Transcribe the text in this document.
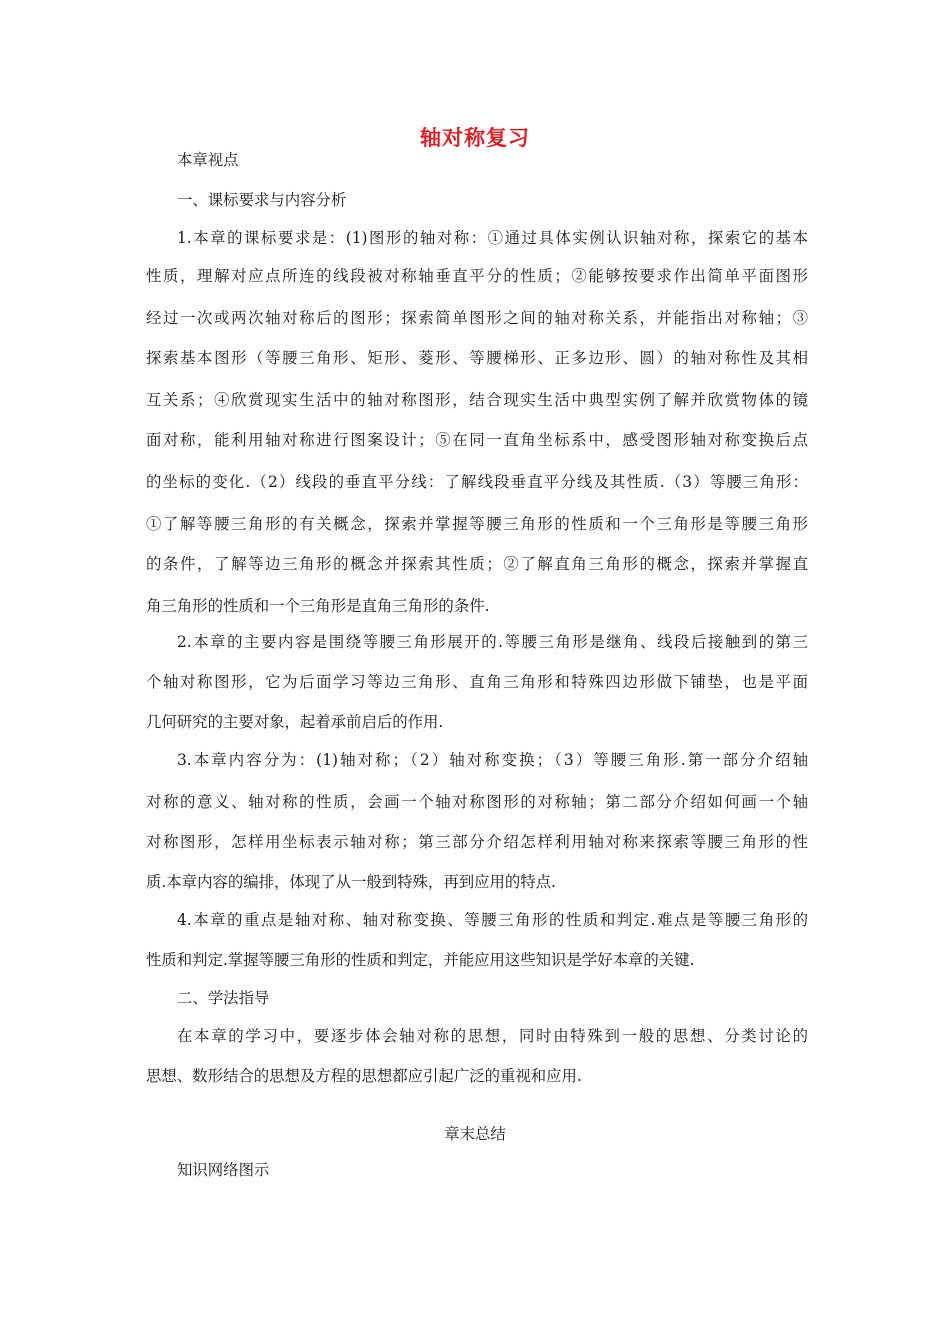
轴对称复习
本章视点
一、课标要求与内容分析
1.本章的课标要求是：(1)图形的轴对称：①通过具体实例认识轴对称，探索它的基本
性质，理解对应点所连的线段被对称轴垂直平分的性质；②能够按要求作出简单平面图形
经过一次或两次轴对称后的图形；探索简单图形之间的轴对称关系，并能指出对称轴；③
探索基本图形（等腰三角形、矩形、菱形、等腰梯形、正多边形、圆）的轴对称性及其相
互关系；④欣赏现实生活中的轴对称图形，结合现实生活中典型实例了解并欣赏物体的镜
面对称，能利用轴对称进行图案设计；⑤在同一直角坐标系中，感受图形轴对称变换后点
的坐标的变化.（2）线段的垂直平分线：了解线段垂直平分线及其性质.（3）等腰三角形：
①了解等腰三角形的有关概念，探索并掌握等腰三角形的性质和一个三角形是等腰三角形
的条件，了解等边三角形的概念并探索其性质；②了解直角三角形的概念，探索并掌握直
角三角形的性质和一个三角形是直角三角形的条件.
2.本章的主要内容是围绕等腰三角形展开的.等腰三角形是继角、线段后接触到的第三
个轴对称图形，它为后面学习等边三角形、直角三角形和特殊四边形做下铺垫，也是平面
几何研究的主要对象，起着承前启后的作用.
3.本章内容分为：(1)轴对称；（2）轴对称变换；（3）等腰三角形.第一部分介绍轴
对称的意义、轴对称的性质，会画一个轴对称图形的对称轴；第二部分介绍如何画一个轴
对称图形，怎样用坐标表示轴对称；第三部分介绍怎样利用轴对称来探索等腰三角形的性
质.本章内容的编排，体现了从一般到特殊，再到应用的特点.
4.本章的重点是轴对称、轴对称变换、等腰三角形的性质和判定.难点是等腰三角形的
性质和判定.掌握等腰三角形的性质和判定，并能应用这些知识是学好本章的关键.
二、学法指导
在本章的学习中，要逐步体会轴对称的思想，同时由特殊到一般的思想、分类讨论的
思想、数形结合的思想及方程的思想都应引起广泛的重视和应用.
章末总结
知识网络图示
